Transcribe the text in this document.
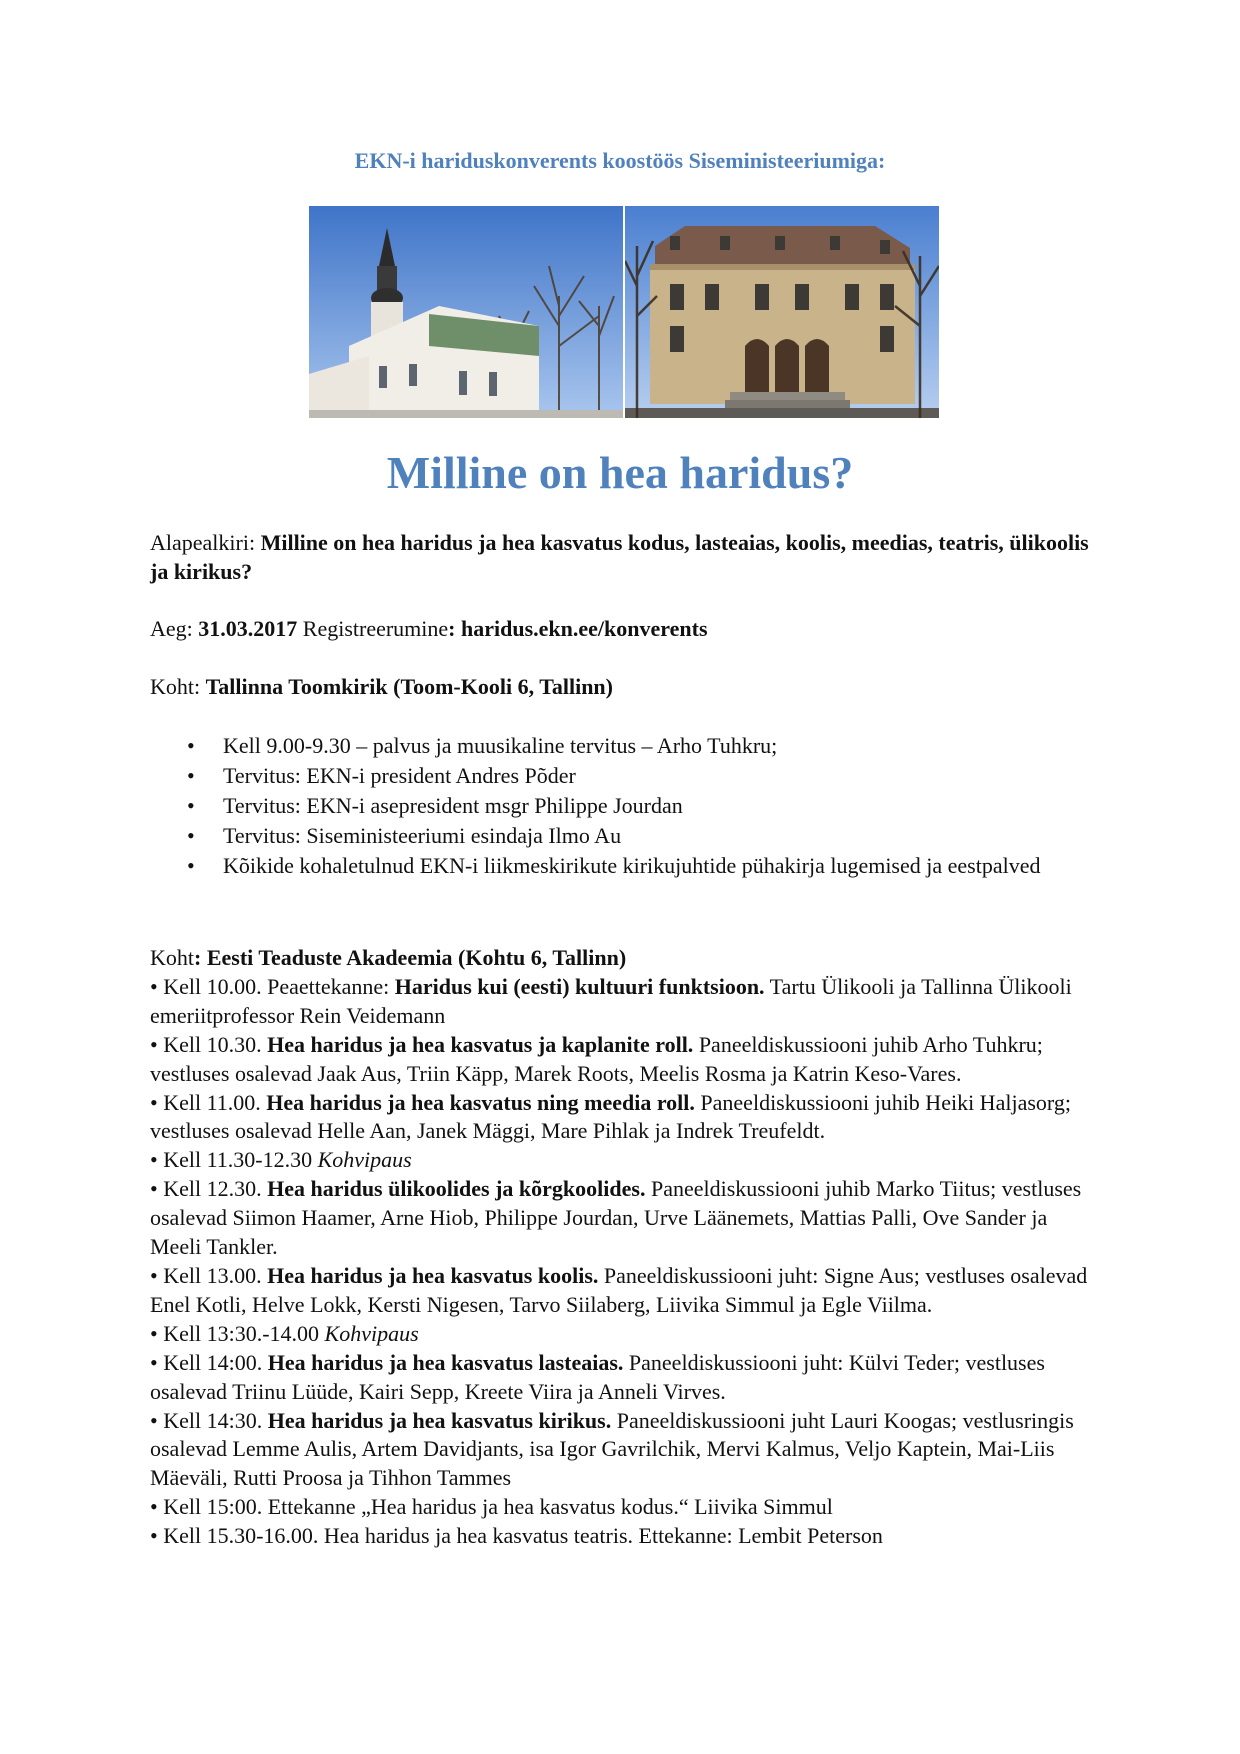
EKN-i hariduskonverents koostöös Siseministeeriumiga:
Milline on hea haridus?
Alapealkiri: Milline on hea haridus ja hea kasvatus kodus, lasteaias, koolis, meedias, teatris, ülikoolis ja kirikus?
Aeg: 31.03.2017 Registreerumine: haridus.ekn.ee/konverents
Koht: Tallinna Toomkirik (Toom-Kooli 6, Tallinn)
• Kell 9.00-9.30 – palvus ja muusikaline tervitus – Arho Tuhkru;
• Tervitus: EKN-i president Andres Põder
• Tervitus: EKN-i asepresident msgr Philippe Jourdan
• Tervitus: Siseministeeriumi esindaja Ilmo Au
• Kõikide kohaletulnud EKN-i liikmeskirikute kirikujuhtide pühakirja lugemised ja eestpalved

Koht: Eesti Teaduste Akadeemia (Kohtu 6, Tallinn)

• Kell 10.00. Peaettekanne: Haridus kui (eesti) kultuuri funktsioon. Tartu Ülikooli ja Tallinna Ülikooli emeriitprofessor Rein Veidemann

• Kell 10.30. Hea haridus ja hea kasvatus ja kaplanite roll. Paneeldiskussiooni juhib Arho Tuhkru; vestluses osalevad Jaak Aus, Triin Käpp, Marek Roots, Meelis Rosma ja Katrin Keso-Vares.

• Kell 11.00. Hea haridus ja hea kasvatus ning meedia roll. Paneeldiskussiooni juhib Heiki Haljasorg; vestluses osalevad Helle Aan, Janek Mäggi, Mare Pihlak ja Indrek Treufeldt.

• Kell 11.30-12.30 Kohvipaus

• Kell 12.30. Hea haridus ülikoolides ja kõrgkoolides. Paneeldiskussiooni juhib Marko Tiitus; vestluses osalevad Siimon Haamer, Arne Hiob, Philippe Jourdan, Urve Läänemets, Mattias Palli, Ove Sander ja Meeli Tankler.

• Kell 13.00. Hea haridus ja hea kasvatus koolis. Paneeldiskussiooni juht: Signe Aus; vestluses osalevad Enel Kotli, Helve Lokk, Kersti Nigesen, Tarvo Siilaberg, Liivika Simmul ja Egle Viilma.

• Kell 13:30.-14.00 Kohvipaus

• Kell 14:00. Hea haridus ja hea kasvatus lasteaias. Paneeldiskussiooni juht: Külvi Teder; vestluses osalevad Triinu Lüüde, Kairi Sepp, Kreete Viira ja Anneli Virves.

• Kell 14:30. Hea haridus ja hea kasvatus kirikus. Paneeldiskussiooni juht Lauri Koogas; vestlusringis osalevad Lemme Aulis, Artem Davidjants, isa Igor Gavrilchik, Mervi Kalmus, Veljo Kaptein, Mai-Liis Mäeväli, Rutti Proosa ja Tihhon Tammes

• Kell 15:00. Ettekanne „Hea haridus ja hea kasvatus kodus.“ Liivika Simmul

• Kell 15.30-16.00. Hea haridus ja hea kasvatus teatris. Ettekanne: Lembit Peterson
